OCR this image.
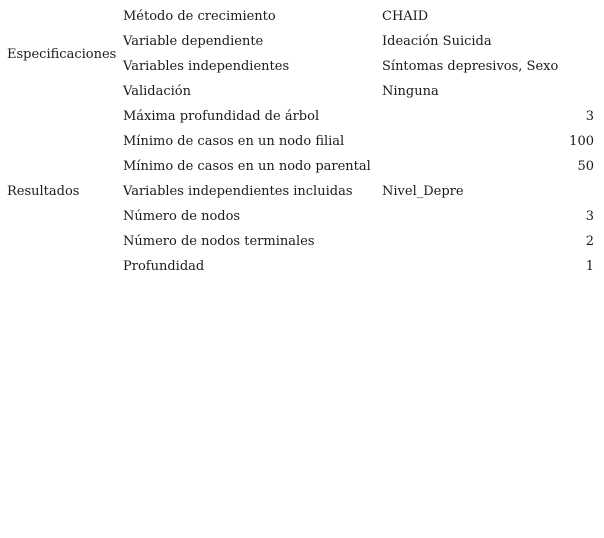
Especificaciones	Método de crecimiento	CHAID
	Variable dependiente	Ideación Suicida
	Variables independientes	Síntomas depresivos, Sexo
	Validación	Ninguna
	Máxima profundidad de árbol	3
	Mínimo de casos en un nodo filial	100
	Mínimo de casos en un nodo parental	50
Resultados	Variables independientes incluidas	Nivel_Depre
	Número de nodos	3
	Número de nodos terminales	2
	Profundidad	1
